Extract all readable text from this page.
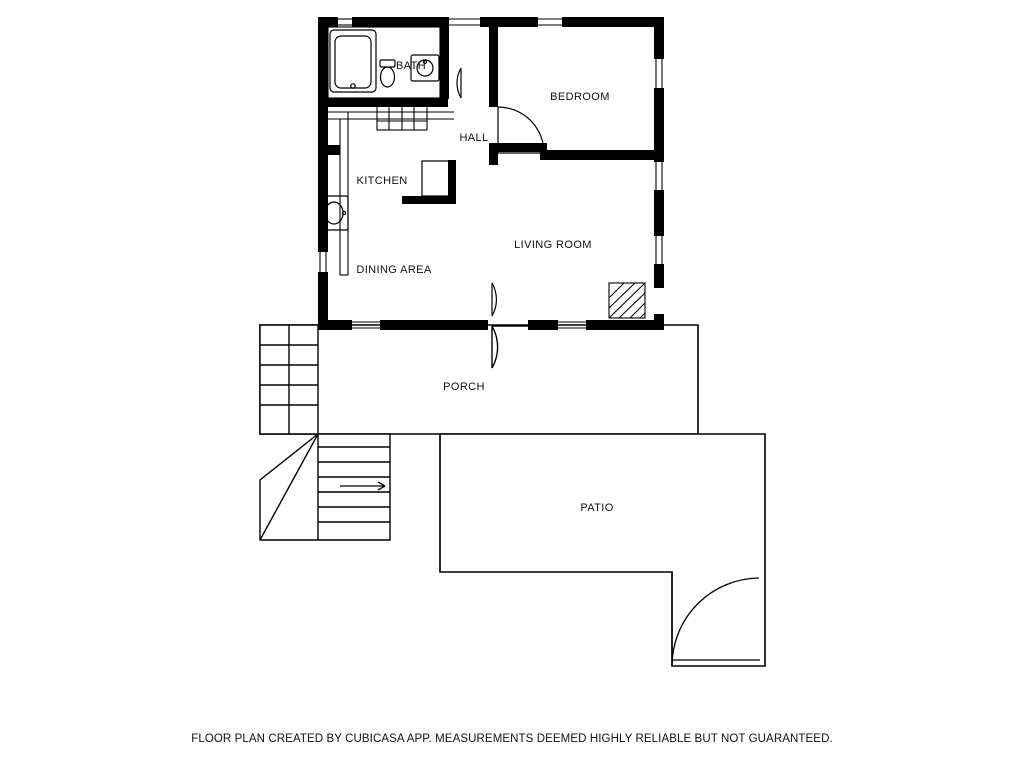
BATH
BEDROOM
HALL
KITCHEN
LIVING ROOM
DINING AREA
PORCH
PATIO
FLOOR PLAN CREATED BY CUBICASA APP. MEASUREMENTS DEEMED HIGHLY RELIABLE BUT NOT GUARANTEED.
